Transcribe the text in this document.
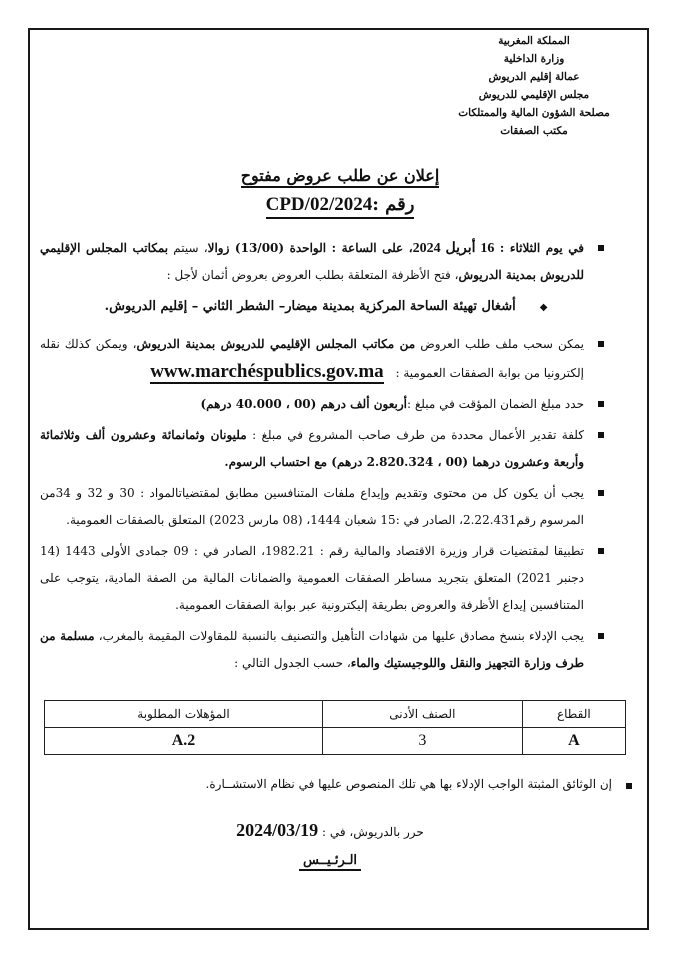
المملكة المغربية
وزارة الداخلية
عمالة إقليم الدريوش
مجلس الإقليمي للدريوش
مصلحة الشؤون المالية والممتلكات
مكتب الصفقات
إعلان عن طلب عروض مفتوح
رقم :02/2024/CPD
في يوم الثلاثاء : 16 أبريل 2024، على الساعة : الواحدة (13/00) زوالا، سيتم بمكاتب المجلس الإقليمي للدريوش بمدينة الدريوش، فتح الأظرفة المتعلقة بطلب العروض بعروض أثمان لأجل :
◆أشغال تهيئة الساحة المركزية بمدينة ميضار– الشطر الثاني – إقليم الدريوش.
يمكن سحب ملف طلب العروض من مكاتب المجلس الإقليمي للدريوش بمدينة الدريوش، ويمكن كذلك نقله إلكترونيا من بوابة الصفقات العمومية : www.marchéspublics.gov.ma
حدد مبلغ الضمان المؤقت في مبلغ :أربعون ألف درهم (00 ، 40.000 درهم)
كلفة تقدير الأعمال محددة من طرف صاحب المشروع في مبلغ : مليونان وثمانمائة وعشرون ألف وثلاثمائة وأربعة وعشرون درهما (00 ، 2.820.324 درهم) مع احتساب الرسوم.
يجب أن يكون كل من محتوى وتقديم وإيداع ملفات المتنافسين مطابق لمقتضياتالمواد : 30 و 32 و 34من المرسوم رقم2.22.431، الصادر في :15 شعبان 1444، (08 مارس 2023) المتعلق بالصفقات العمومية.
تطبيقا لمقتضيات قرار وزيرة الاقتصاد والمالية رقم : 1982.21، الصادر في : 09 جمادى الأولى 1443 (14 دجنبر 2021) المتعلق بتجريد مساطر الصفقات العمومية والضمانات المالية من الصفة المادية، يتوجب على المتنافسين إيداع الأظرفة والعروض بطريقة إليكترونية عبر بوابة الصفقات العمومية.
يجب الإدلاء بنسخ مصادق عليها من شهادات التأهيل والتصنيف بالنسبة للمقاولات المقيمة بالمغرب، مسلمة من طرف وزارة التجهيز والنقل واللوجيستيك والماء، حسب الجدول التالي :
القطاع	الصنف الأدنى	المؤهلات المطلوبة
A	3	A.2
إن الوثائق المثبتة الواجب الإدلاء بها هي تلك المنصوص عليها في نظام الاستشــارة.
حرر بالدريوش، في : 2024/03/19
الـرئـيــس
